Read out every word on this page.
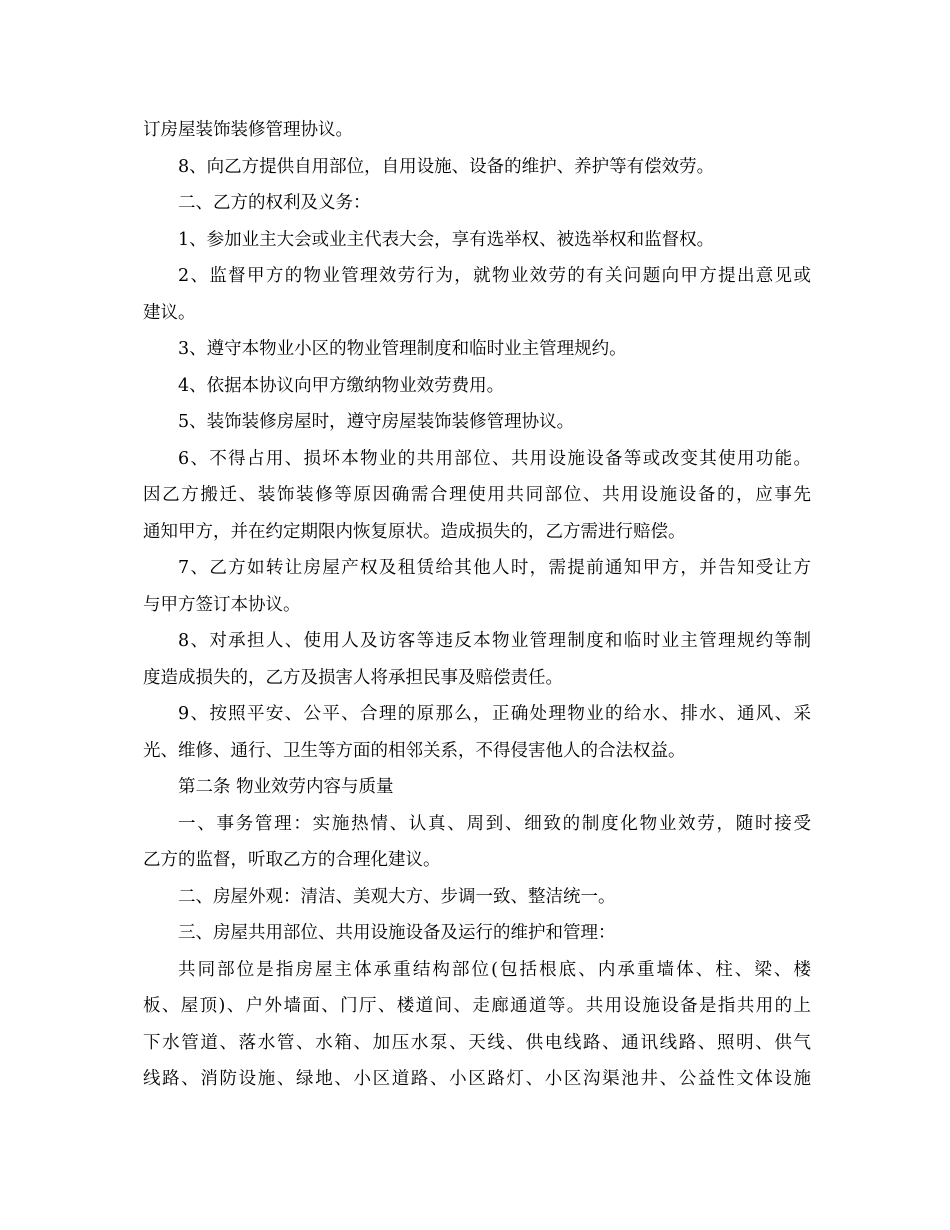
订房屋装饰装修管理协议。
8、向乙方提供自用部位，自用设施、设备的维护、养护等有偿效劳。
二、乙方的权利及义务：
1、参加业主大会或业主代表大会，享有选举权、被选举权和监督权。
2、监督甲方的物业管理效劳行为，就物业效劳的有关问题向甲方提出意见或
建议。
3、遵守本物业小区的物业管理制度和临时业主管理规约。
4、依据本协议向甲方缴纳物业效劳费用。
5、装饰装修房屋时，遵守房屋装饰装修管理协议。
6、不得占用、损坏本物业的共用部位、共用设施设备等或改变其使用功能。
因乙方搬迁、装饰装修等原因确需合理使用共同部位、共用设施设备的，应事先
通知甲方，并在约定期限内恢复原状。造成损失的，乙方需进行赔偿。
7、乙方如转让房屋产权及租赁给其他人时，需提前通知甲方，并告知受让方
与甲方签订本协议。
8、对承担人、使用人及访客等违反本物业管理制度和临时业主管理规约等制
度造成损失的，乙方及损害人将承担民事及赔偿责任。
9、按照平安、公平、合理的原那么，正确处理物业的给水、排水、通风、采
光、维修、通行、卫生等方面的相邻关系，不得侵害他人的合法权益。
第二条 物业效劳内容与质量
一、事务管理：实施热情、认真、周到、细致的制度化物业效劳，随时接受
乙方的监督，听取乙方的合理化建议。
二、房屋外观：清洁、美观大方、步调一致、整洁统一。
三、房屋共用部位、共用设施设备及运行的维护和管理：
共同部位是指房屋主体承重结构部位(包括根底、内承重墙体、柱、梁、楼
板、屋顶)、户外墙面、门厅、楼道间、走廊通道等。共用设施设备是指共用的上
下水管道、落水管、水箱、加压水泵、天线、供电线路、通讯线路、照明、供气
线路、消防设施、绿地、小区道路、小区路灯、小区沟渠池井、公益性文体设施
